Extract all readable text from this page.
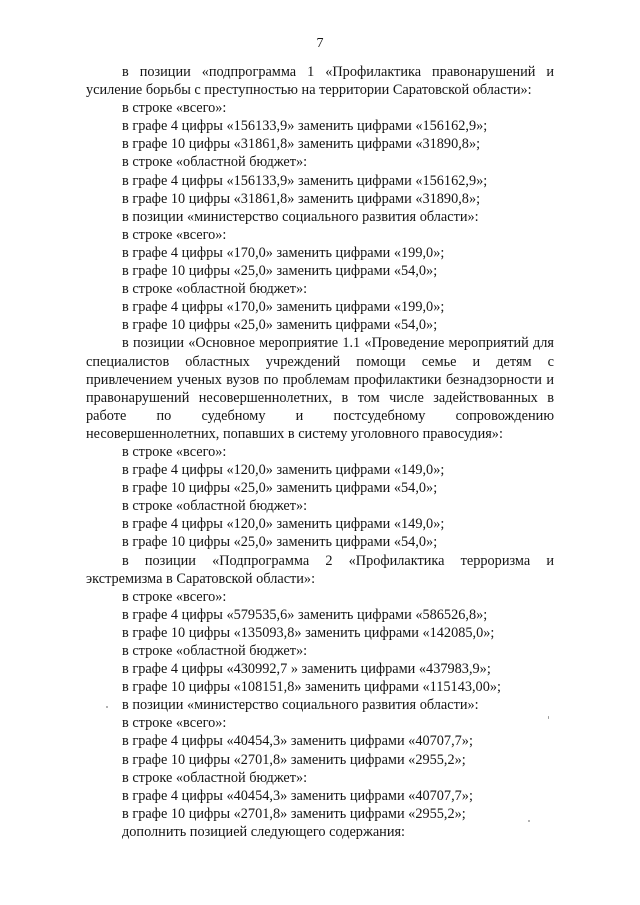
7

в позиции «подпрограмма 1 «Профилактика правонарушений и усиление борьбы с преступностью на территории Саратовской области»:

в строке «всего»:

в графе 4 цифры «156133,9» заменить цифрами «156162,9»;

в графе 10 цифры «31861,8» заменить цифрами «31890,8»;

в строке «областной бюджет»:

в графе 4 цифры «156133,9» заменить цифрами «156162,9»;

в графе 10 цифры «31861,8» заменить цифрами «31890,8»;

в позиции «министерство социального развития области»:

в строке «всего»:

в графе 4 цифры «170,0» заменить цифрами «199,0»;

в графе 10 цифры «25,0» заменить цифрами «54,0»;

в строке «областной бюджет»:

в графе 4 цифры «170,0» заменить цифрами «199,0»;

в графе 10 цифры «25,0» заменить цифрами «54,0»;

в позиции «Основное мероприятие 1.1 «Проведение мероприятий для специалистов областных учреждений помощи семье и детям с привлечением ученых вузов по проблемам профилактики безнадзорности и правонарушений несовершеннолетних, в том числе задействованных в работе по судебному и постсудебному сопровождению несовершеннолетних, попавших в систему уголовного правосудия»:

в строке «всего»:

в графе 4 цифры «120,0» заменить цифрами «149,0»;

в графе 10 цифры «25,0» заменить цифрами «54,0»;

в строке «областной бюджет»:

в графе 4 цифры «120,0» заменить цифрами «149,0»;

в графе 10 цифры «25,0» заменить цифрами «54,0»;

в позиции «Подпрограмма 2 «Профилактика терроризма и экстремизма в Саратовской области»:

в строке «всего»:

в графе 4 цифры «579535,6» заменить цифрами «586526,8»;

в графе 10 цифры «135093,8» заменить цифрами «142085,0»;

в строке «областной бюджет»:

в графе 4 цифры «430992,7 » заменить цифрами «437983,9»;

в графе 10 цифры «108151,8» заменить цифрами «115143,00»;

в позиции «министерство социального развития области»:

в строке «всего»:

в графе 4 цифры «40454,3» заменить цифрами «40707,7»;

в графе 10 цифры «2701,8» заменить цифрами «2955,2»;

в строке «областной бюджет»:

в графе 4 цифры «40454,3» заменить цифрами «40707,7»;

в графе 10 цифры «2701,8» заменить цифрами «2955,2»;

дополнить позицией следующего содержания:
